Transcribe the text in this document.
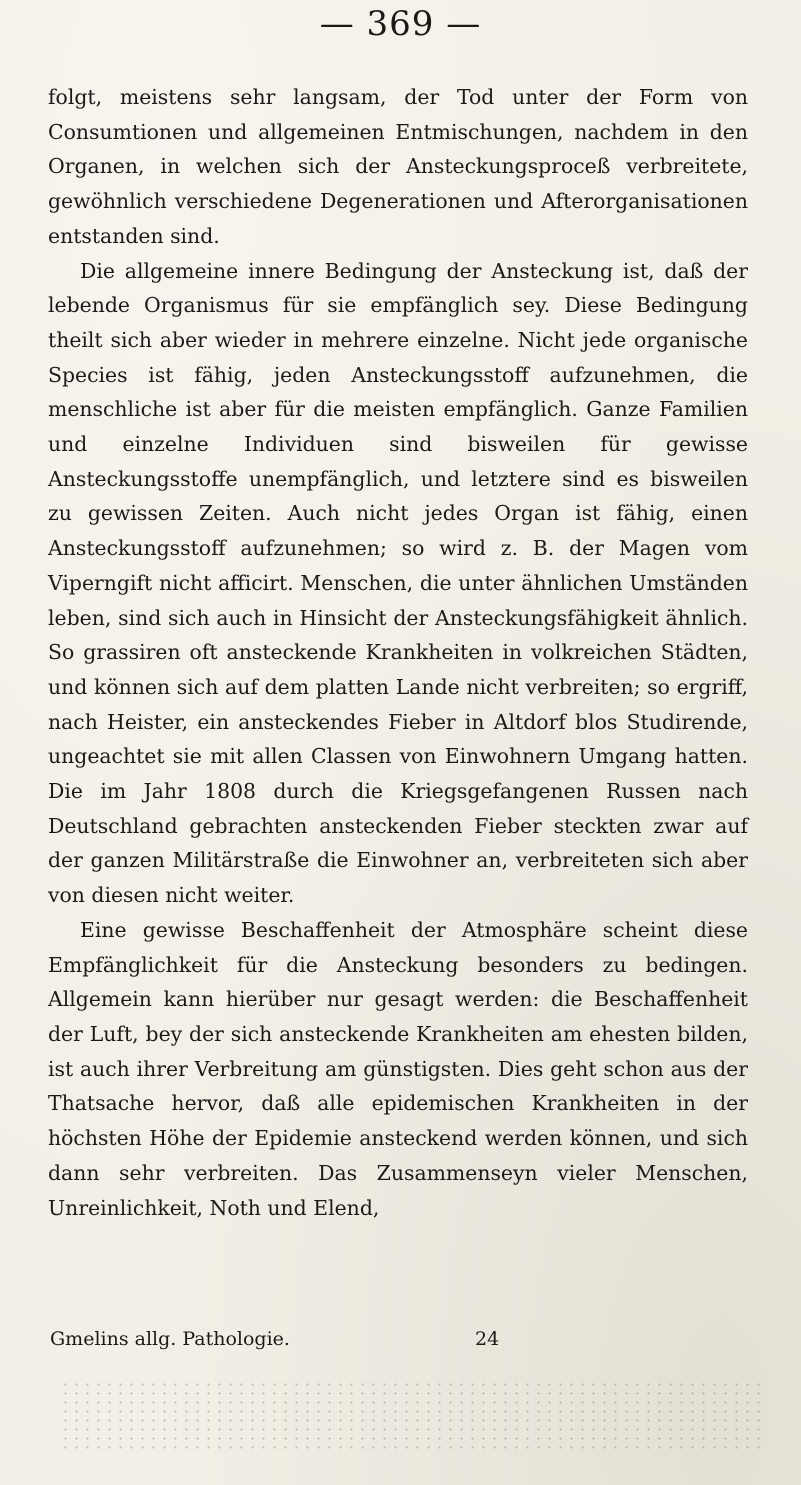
— 369 —

folgt, meistens sehr langsam, der Tod unter der Form von Consumtionen und allgemeinen Entmischungen, nachdem in den Organen, in welchen sich der Ansteckungsproceß verbreitete, gewöhnlich verschiedene Degenerationen und Afterorganisationen entstanden sind.

Die allgemeine innere Bedingung der Ansteckung ist, daß der lebende Organismus für sie empfänglich sey. Diese Bedingung theilt sich aber wieder in mehrere einzelne. Nicht jede organische Species ist fähig, jeden Ansteckungsstoff aufzunehmen, die menschliche ist aber für die meisten empfänglich. Ganze Familien und einzelne Individuen sind bisweilen für gewisse Ansteckungsstoffe unempfänglich, und letztere sind es bisweilen zu gewissen Zeiten. Auch nicht jedes Organ ist fähig, einen Ansteckungsstoff aufzunehmen; so wird z. B. der Magen vom Viperngift nicht afficirt. Menschen, die unter ähnlichen Umständen leben, sind sich auch in Hinsicht der Ansteckungsfähigkeit ähnlich. So grassiren oft ansteckende Krankheiten in volkreichen Städten, und können sich auf dem platten Lande nicht verbreiten; so ergriff, nach Heister, ein ansteckendes Fieber in Altdorf blos Studirende, ungeachtet sie mit allen Classen von Einwohnern Umgang hatten. Die im Jahr 1808 durch die Kriegsgefangenen Russen nach Deutschland gebrachten ansteckenden Fieber steckten zwar auf der ganzen Militärstraße die Einwohner an, verbreiteten sich aber von diesen nicht weiter.

Eine gewisse Beschaffenheit der Atmosphäre scheint diese Empfänglichkeit für die Ansteckung besonders zu bedingen. Allgemein kann hierüber nur gesagt werden: die Beschaffenheit der Luft, bey der sich ansteckende Krankheiten am ehesten bilden, ist auch ihrer Verbreitung am günstigsten. Dies geht schon aus der Thatsache hervor, daß alle epidemischen Krankheiten in der höchsten Höhe der Epidemie ansteckend werden können, und sich dann sehr verbreiten. Das Zusammenseyn vieler Menschen, Unreinlichkeit, Noth und Elend,

Gmelins allg. Pathologie.	24
